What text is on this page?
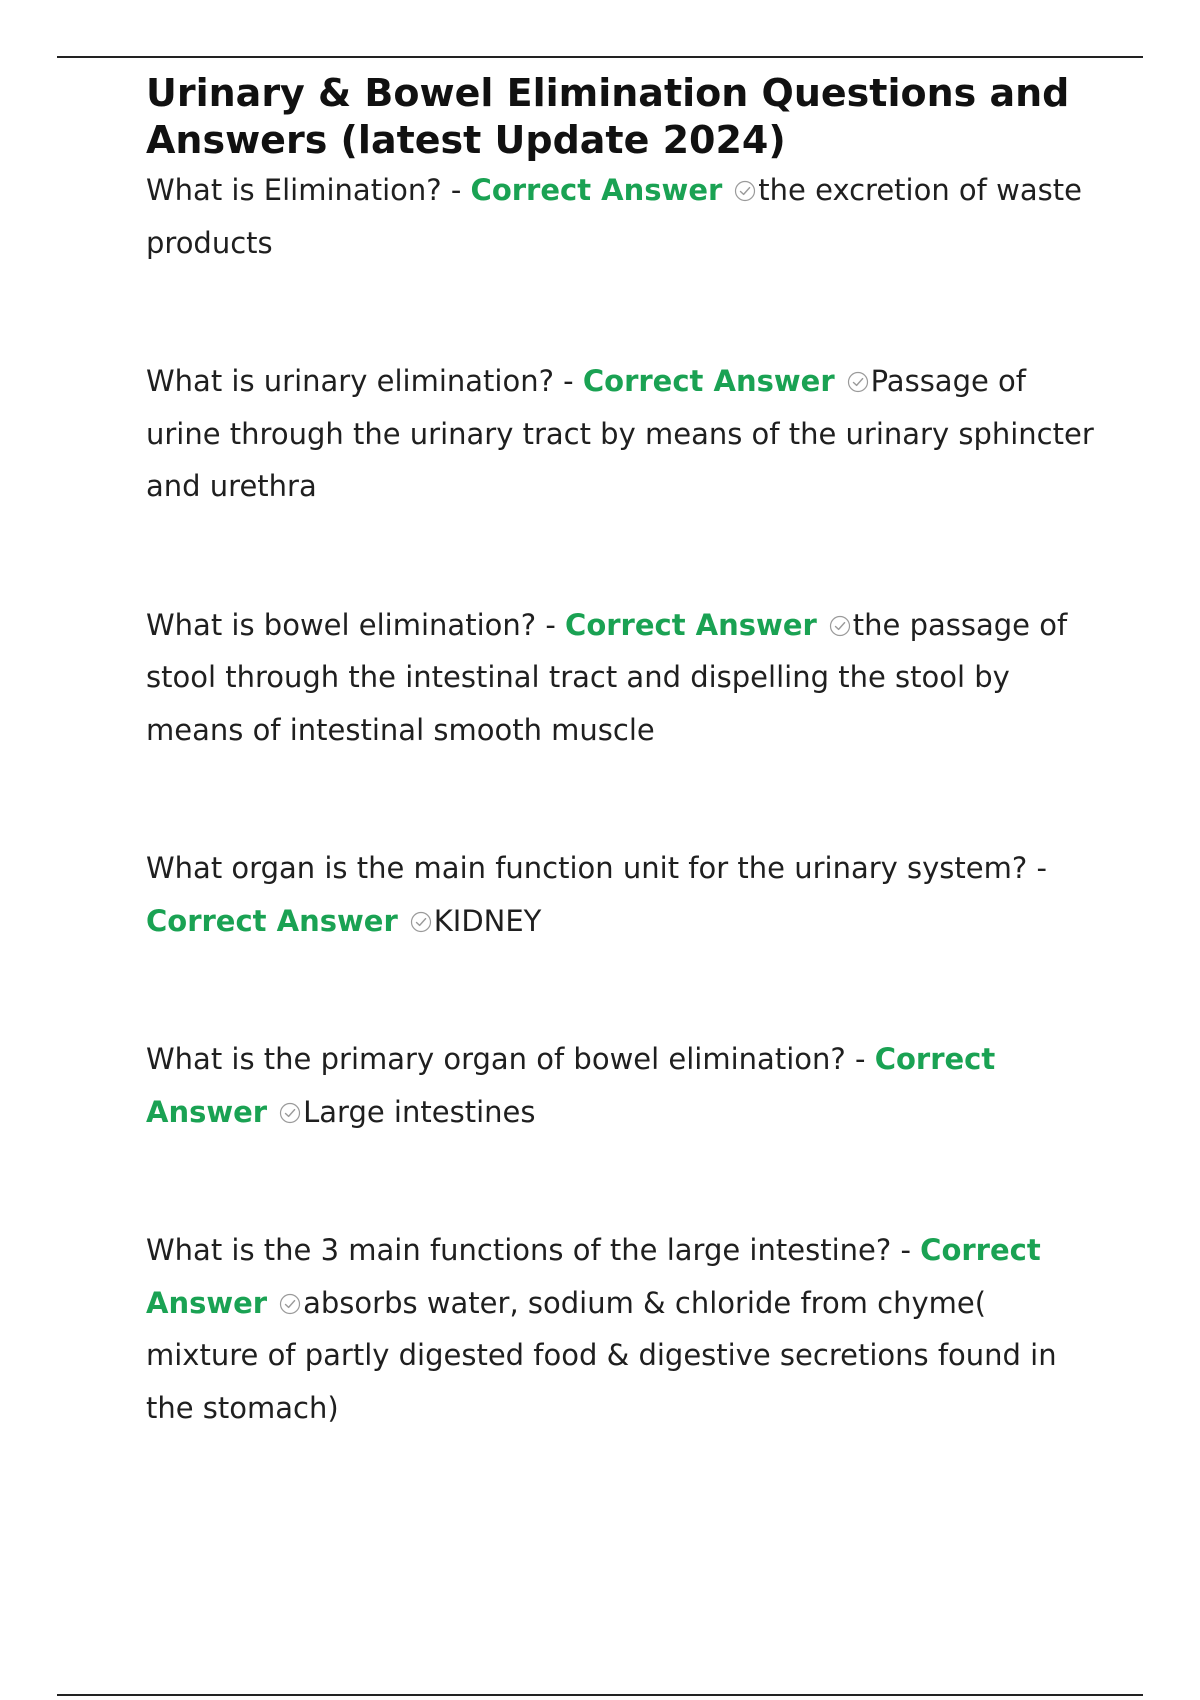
Urinary & Bowel Elimination Questions and Answers (latest Update 2024)

What is Elimination? - Correct Answer the excretion of waste products

What is urinary elimination? - Correct Answer Passage of urine through the urinary tract by means of the urinary sphincter and urethra

What is bowel elimination? - Correct Answer the passage of stool through the intestinal tract and dispelling the stool by means of intestinal smooth muscle

What organ is the main function unit for the urinary system? - Correct Answer KIDNEY

What is the primary organ of bowel elimination? - Correct Answer Large intestines

What is the 3 main functions of the large intestine? - Correct Answer absorbs water, sodium & chloride from chyme( mixture of partly digested food & digestive secretions found in the stomach)
